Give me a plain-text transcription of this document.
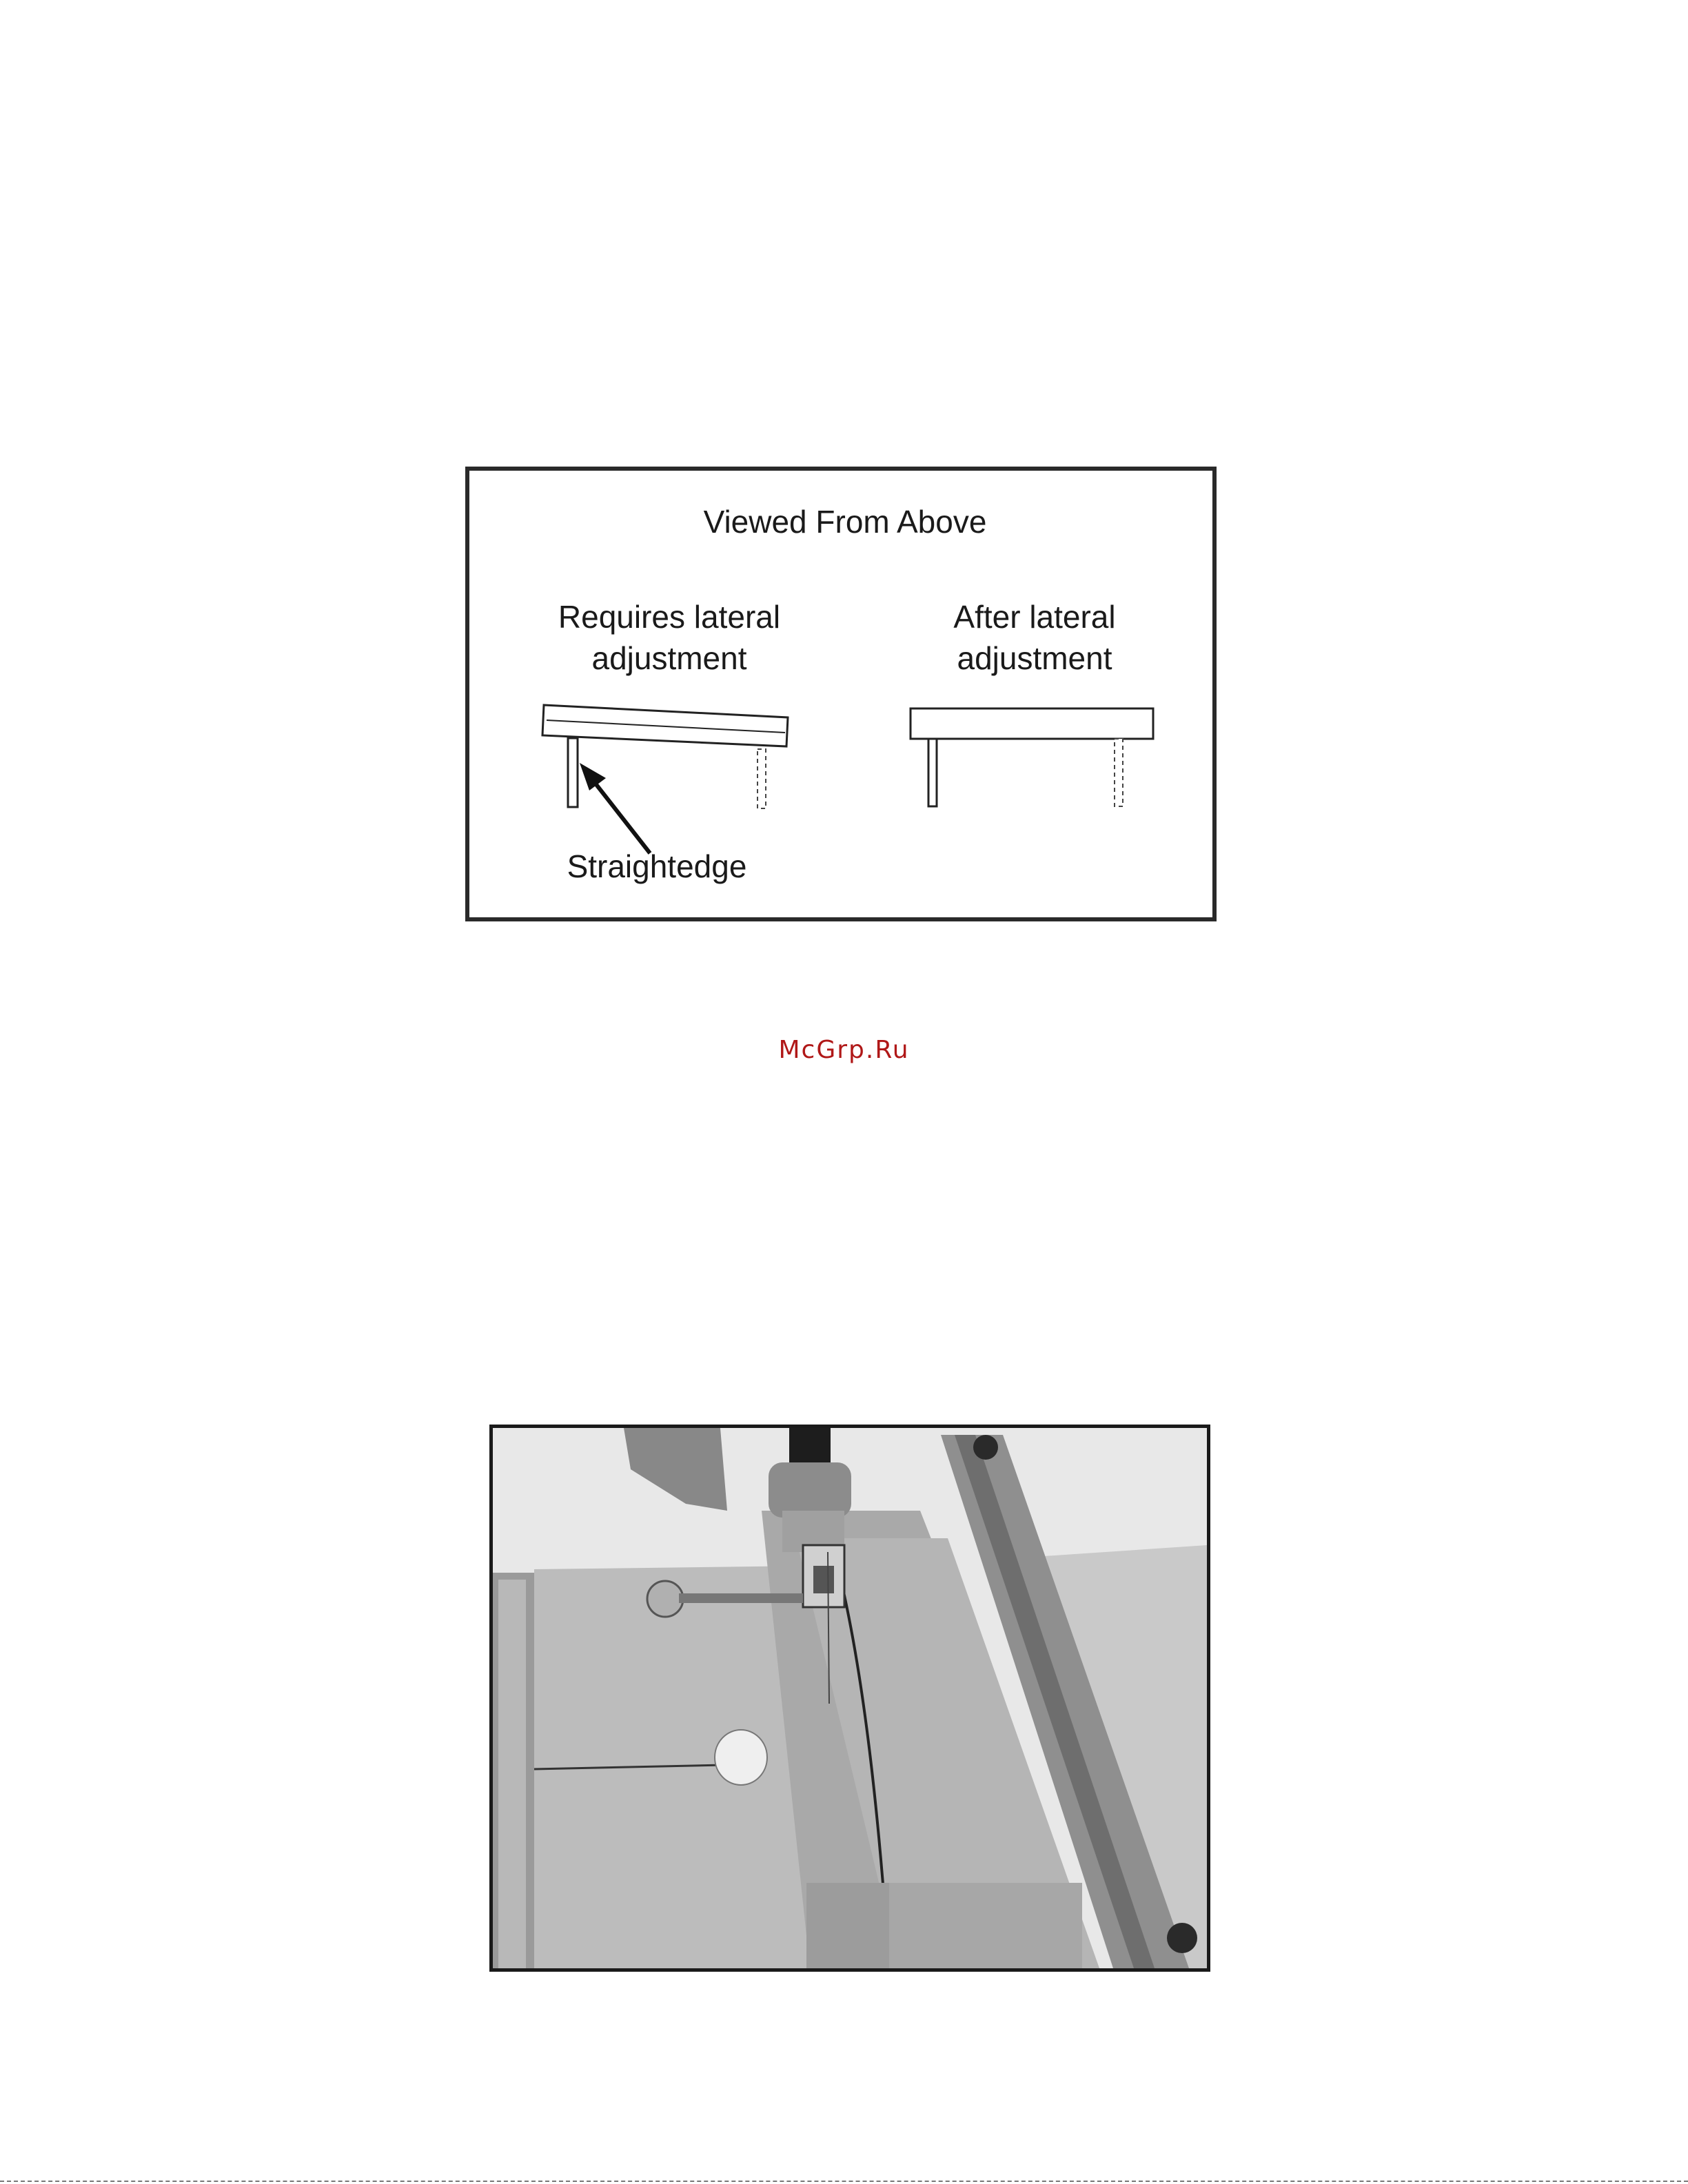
Viewed From Above
Requires lateral
adjustment
After lateral
adjustment
Straightedge
McGrp.Ru
